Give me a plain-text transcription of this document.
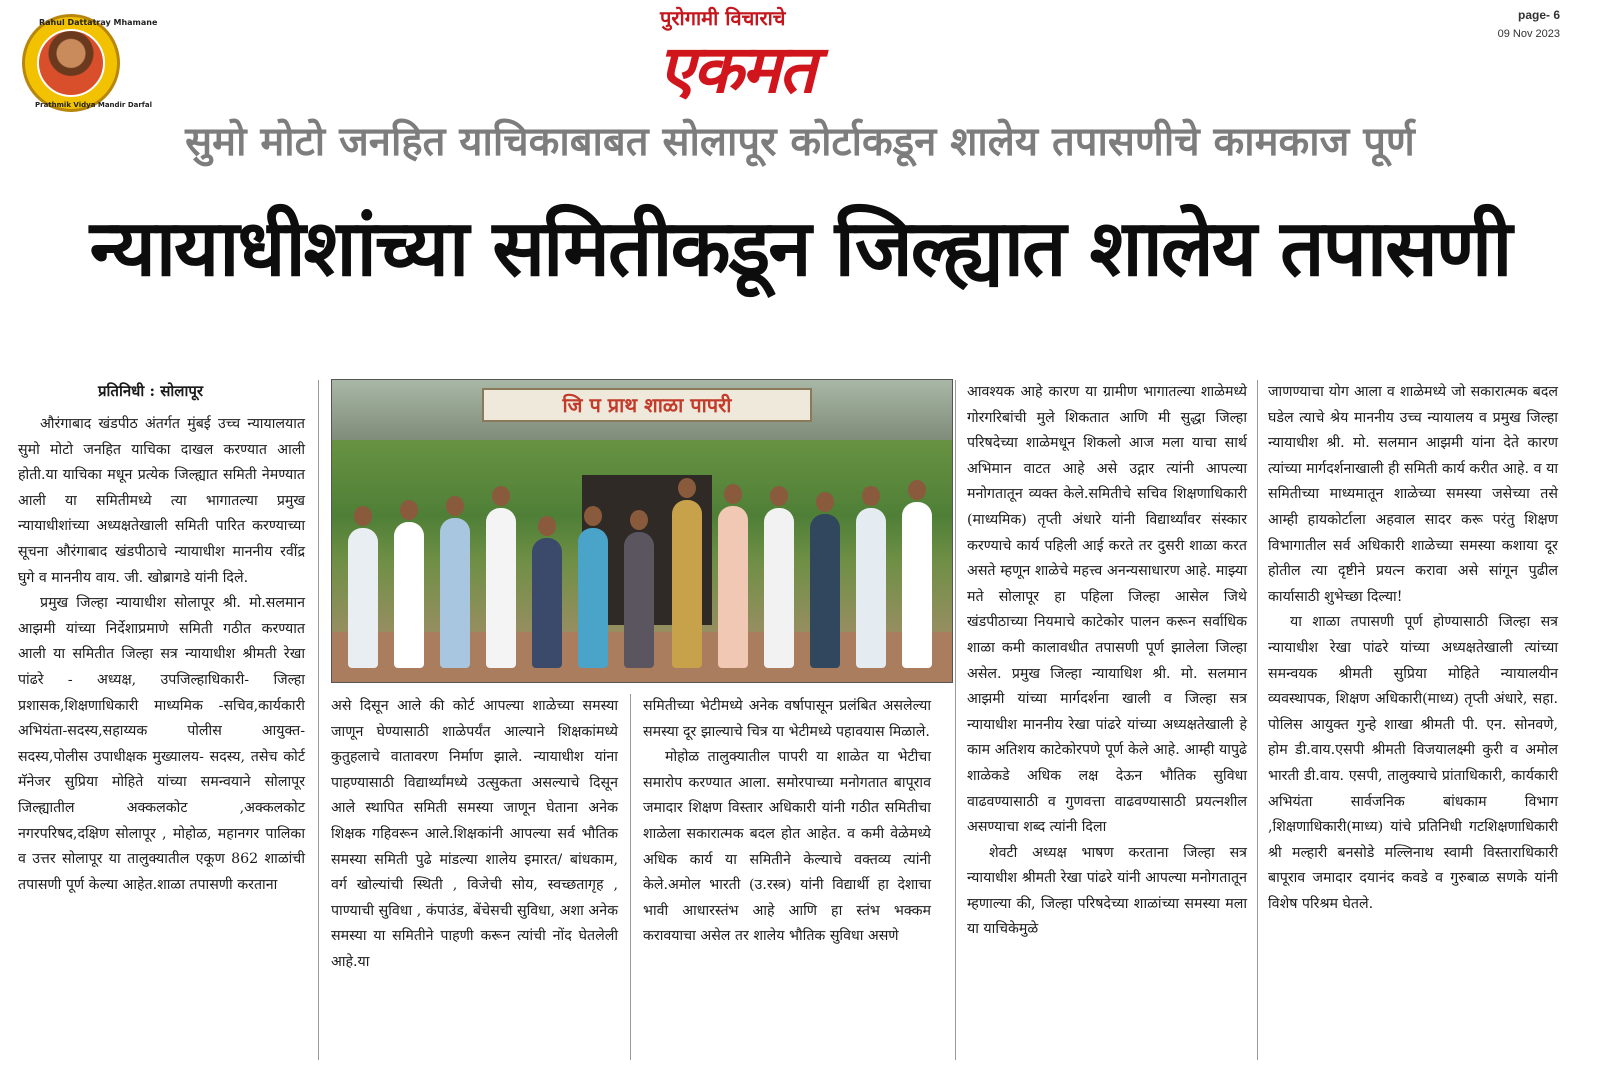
Rahul Dattatray Mhamane
Prathmik Vidya Mandir Darfal
पुरोगामी विचाराचे
एकमत
page- 6
09 Nov 2023
सुमो मोटो जनहित याचिकाबाबत सोलापूर कोर्टाकडून शालेय तपासणीचे कामकाज पूर्ण
न्यायाधीशांच्या समितीकडून जिल्ह्यात शालेय तपासणी
प्रतिनिधी : सोलापूर

औरंगाबाद खंडपीठ अंतर्गत मुंबई उच्च न्यायालयात सुमो मोटो जनहित याचिका दाखल करण्यात आली होती.या याचिका मधून प्रत्येक जिल्ह्यात समिती नेमण्यात आली या समितीमध्ये त्या भागातल्या प्रमुख न्यायाधीशांच्या अध्यक्षतेखाली समिती पारित करण्याच्या सूचना औरंगाबाद खंडपीठाचे न्यायाधीश माननीय रवींद्र घुगे व माननीय वाय. जी. खोब्रागडे यांनी दिले.

प्रमुख जिल्हा न्यायाधीश सोलापूर श्री. मो.सलमान आझमी यांच्या निर्देशाप्रमाणे समिती गठीत करण्यात आली या समितीत जिल्हा सत्र न्यायाधीश श्रीमती रेखा पांढरे - अध्यक्ष, उपजिल्हाधिकारी- जिल्हा प्रशासक,शिक्षणाधिकारी माध्यमिक -सचिव,कार्यकारी अभियंता-सदस्य,सहाय्यक पोलीस आयुक्त- सदस्य,पोलीस उपाधीक्षक मुख्यालय- सदस्य, तसेच कोर्ट मॅनेजर सुप्रिया मोहिते यांच्या समन्वयाने सोलापूर जिल्ह्यातील अक्कलकोट ,अक्कलकोट नगरपरिषद,दक्षिण सोलापूर , मोहोळ, महानगर पालिका व उत्तर सोलापूर या तालुक्यातील एकूण 862 शाळांची तपासणी पूर्ण केल्या आहेत.शाळा तपासणी करताना

जि प प्राथ शाळा पापरी

असे दिसून आले की कोर्ट आपल्या शाळेच्या समस्या जाणून घेण्यासाठी शाळेपर्यंत आल्याने शिक्षकांमध्ये कुतुहलाचे वातावरण निर्माण झाले. न्यायाधीश यांना पाहण्यासाठी विद्यार्थ्यांमध्ये उत्सुकता असल्याचे दिसून आले स्थापित समिती समस्या जाणून घेताना अनेक शिक्षक गहिवरून आले.शिक्षकांनी आपल्या सर्व भौतिक समस्या समिती पुढे मांडल्या शालेय इमारत/ बांधकाम, वर्ग खोल्यांची स्थिती , विजेची सोय, स्वच्छतागृह , पाण्याची सुविधा , कंपाउंड, बेंचेसची सुविधा, अशा अनेक समस्या या समितीने पाहणी करून त्यांची नोंद घेतलेली आहे.या

समितीच्या भेटीमध्ये अनेक वर्षापासून प्रलंबित असलेल्या समस्या दूर झाल्याचे चित्र या भेटीमध्ये पहावयास मिळाले.

मोहोळ तालुक्यातील पापरी या शाळेत या भेटीचा समारोप करण्यात आला. समोरपाच्या मनोगतात बापूराव जमादार शिक्षण विस्तार अधिकारी यांनी गठीत समितीचा शाळेला सकारात्मक बदल होत आहेत. व कमी वेळेमध्ये अधिक कार्य या समितीने केल्याचे वक्तव्य त्यांनी केले.अमोल भारती (उ.रस्त्र) यांनी विद्यार्थी हा देशाचा भावी आधारस्तंभ आहे आणि हा स्तंभ भक्कम करावयाचा असेल तर शालेय भौतिक सुविधा असणे

आवश्यक आहे कारण या ग्रामीण भागातल्या शाळेमध्ये गोरगरिबांची मुले शिकतात आणि मी सुद्धा जिल्हा परिषदेच्या शाळेमधून शिकलो आज मला याचा सार्थ अभिमान वाटत आहे असे उद्गार त्यांनी आपल्या मनोगतातून व्यक्त केले.समितीचे सचिव शिक्षणाधिकारी (माध्यमिक) तृप्ती अंधारे यांनी विद्यार्थ्यांवर संस्कार करण्याचे कार्य पहिली आई करते तर दुसरी शाळा करत असते म्हणून शाळेचे महत्त्व अनन्यसाधारण आहे. माझ्या मते सोलापूर हा पहिला जिल्हा आसेल जिथे खंडपीठाच्या नियमाचे काटेकोर पालन करून सर्वाधिक शाळा कमी कालावधीत तपासणी पूर्ण झालेला जिल्हा असेल. प्रमुख जिल्हा न्यायाधिश श्री. मो. सलमान आझमी यांच्या मार्गदर्शना खाली व जिल्हा सत्र न्यायाधीश माननीय रेखा पांढरे यांच्या अध्यक्षतेखाली हे काम अतिशय काटेकोरपणे पूर्ण केले आहे. आम्ही यापुढे शाळेकडे अधिक लक्ष देऊन भौतिक सुविधा वाढवण्यासाठी व गुणवत्ता वाढवण्यासाठी प्रयत्नशील असण्याचा शब्द त्यांनी दिला

शेवटी अध्यक्ष भाषण करताना जिल्हा सत्र न्यायाधीश श्रीमती रेखा पांढरे यांनी आपल्या मनोगतातून म्हणाल्या की, जिल्हा परिषदेच्या शाळांच्या समस्या मला या याचिकेमुळे

जाणण्याचा योग आला व शाळेमध्ये जो सकारात्मक बदल घडेल त्याचे श्रेय माननीय उच्च न्यायालय व प्रमुख जिल्हा न्यायाधीश श्री. मो. सलमान आझमी यांना देते कारण त्यांच्या मार्गदर्शनाखाली ही समिती कार्य करीत आहे. व या समितीच्या माध्यमातून शाळेच्या समस्या जसेच्या तसे आम्ही हायकोर्टाला अहवाल सादर करू परंतु शिक्षण विभागातील सर्व अधिकारी शाळेच्या समस्या कशाया दूर होतील त्या दृष्टीने प्रयत्न करावा असे सांगून पुढील कार्यासाठी शुभेच्छा दिल्या!

या शाळा तपासणी पूर्ण होण्यासाठी जिल्हा सत्र न्यायाधीश रेखा पांढरे यांच्या अध्यक्षतेखाली त्यांच्या समन्वयक श्रीमती सुप्रिया मोहिते न्यायालयीन व्यवस्थापक, शिक्षण अधिकारी(माध्य) तृप्ती अंधारे, सहा. पोलिस आयुक्त गुन्हे शाखा श्रीमती पी. एन. सोनवणे, होम डी.वाय.एसपी श्रीमती विजयालक्ष्मी कुरी व अमोल भारती डी.वाय. एसपी, तालुक्याचे प्रांताधिकारी, कार्यकारी अभियंता सार्वजनिक बांधकाम विभाग ,शिक्षणाधिकारी(माध्य) यांचे प्रतिनिधी गटशिक्षणाधिकारी श्री मल्हारी बनसोडे मल्लिनाथ स्वामी विस्ताराधिकारी बापूराव जमादार दयानंद कवडे व गुरुबाळ सणके यांनी विशेष परिश्रम घेतले.
